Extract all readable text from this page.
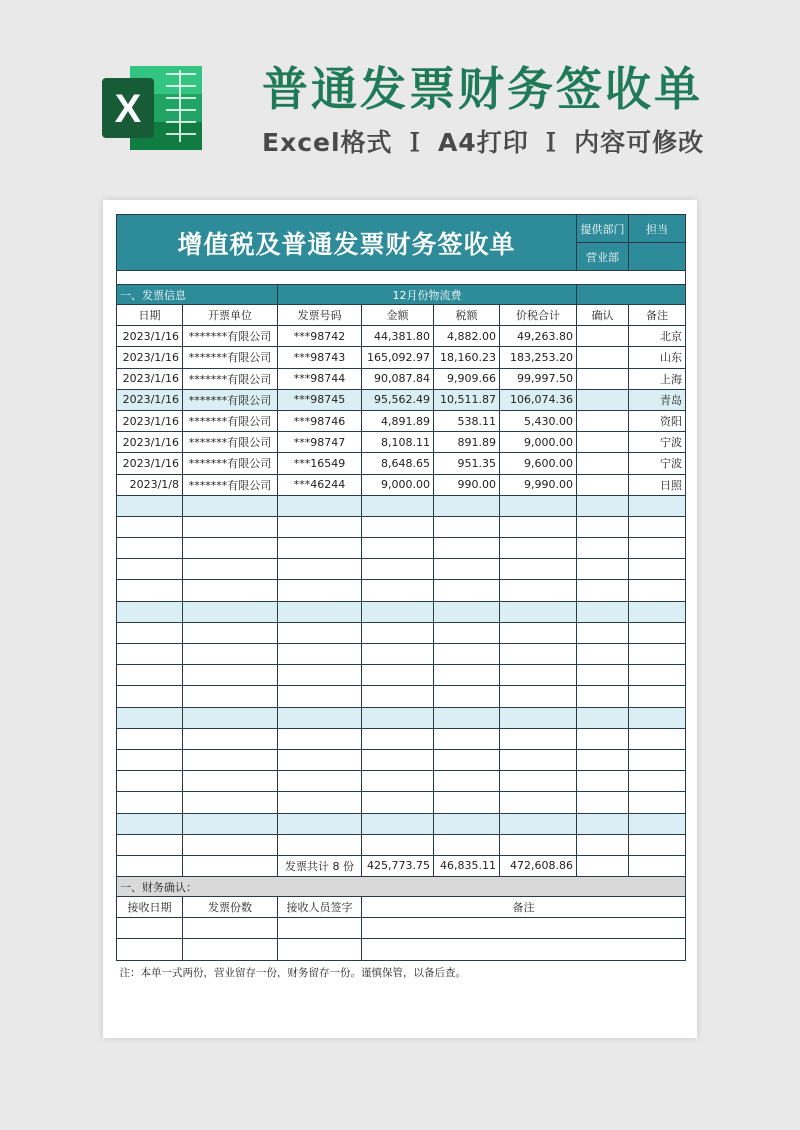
X	普通发票财务签收单
Excel格式 Ｉ A4打印 Ｉ 内容可修改
增值税及普通发票财务签收单						提供部门	担当
						营业部	

一、发票信息		12月份物流费					
日期	开票单位	发票号码	金额	税额	价税合计	确认	备注
2023/1/16	*******有限公司	***98742	44,381.80	4,882.00	49,263.80		北京
2023/1/16	*******有限公司	***98743	165,092.97	18,160.23	183,253.20		山东
2023/1/16	*******有限公司	***98744	90,087.84	9,909.66	99,997.50		上海
2023/1/16	*******有限公司	***98745	95,562.49	10,511.87	106,074.36		青岛
2023/1/16	*******有限公司	***98746	4,891.89	538.11	5,430.00		资阳
2023/1/16	*******有限公司	***98747	8,108.11	891.89	9,000.00		宁波
2023/1/16	*******有限公司	***16549	8,648.65	951.35	9,600.00		宁波
2023/1/8	*******有限公司	***46244	9,000.00	990.00	9,990.00		日照

		发票共计 8 份	425,773.75	46,835.11	472,608.86		
一、财务确认：							
接收日期	发票份数	接收人员签字	备注				

注：本单一式两份，营业留存一份，财务留存一份。谨慎保管，以备后查。							
